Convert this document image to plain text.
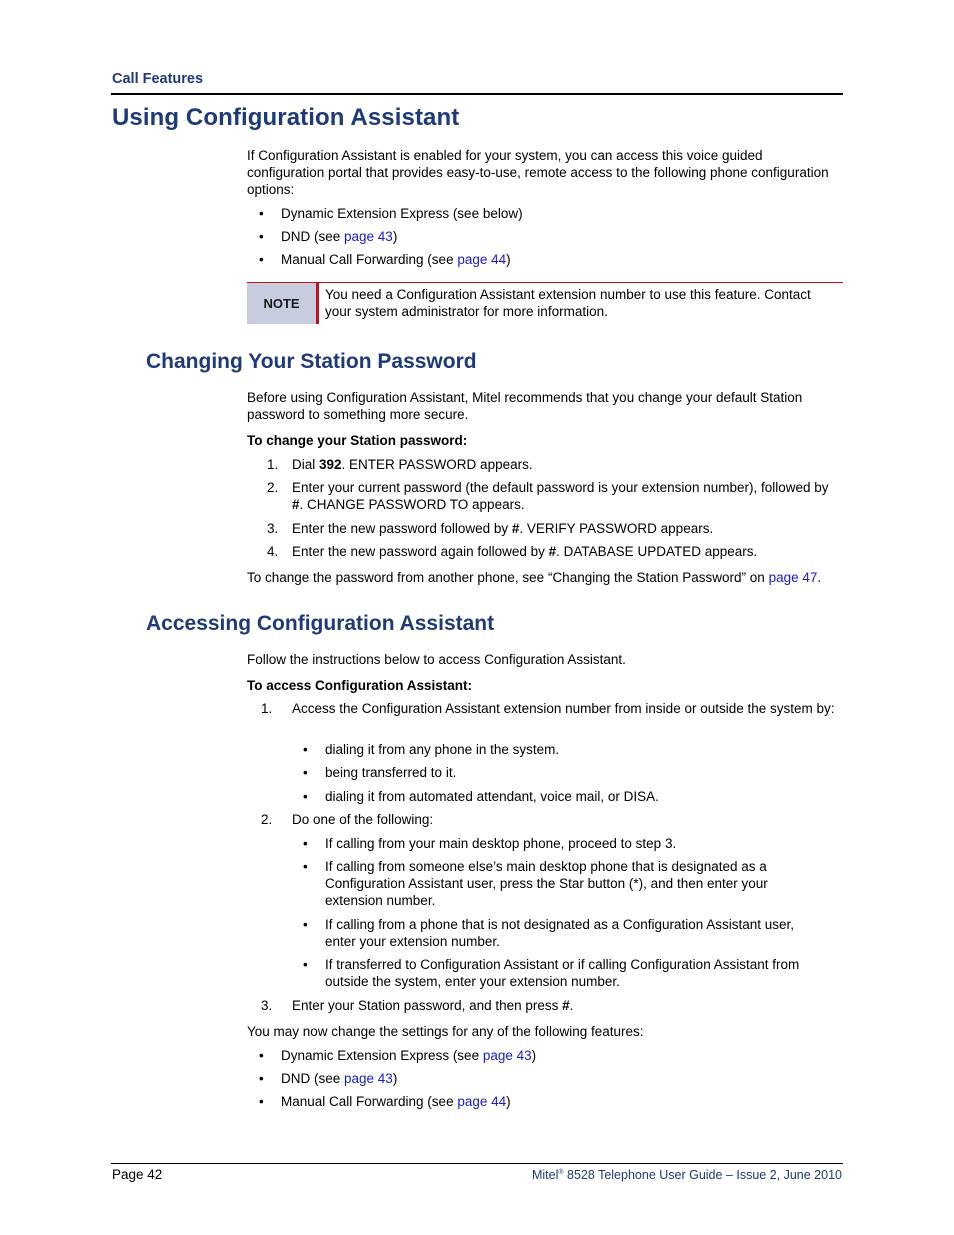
Call Features
Using Configuration Assistant
If Configuration Assistant is enabled for your system, you can access this voice guided configuration portal that provides easy-to-use, remote access to the following phone configuration options:
• Dynamic Extension Express (see below)
• DND (see page 43)
• Manual Call Forwarding (see page 44)
NOTE
You need a Configuration Assistant extension number to use this feature. Contact your system administrator for more information.
Changing Your Station Password
Before using Configuration Assistant, Mitel recommends that you change your default Station password to something more secure.
To change your Station password:
1. Dial 392. ENTER PASSWORD appears.
2. Enter your current password (the default password is your extension number), followed by #. CHANGE PASSWORD TO appears.
3. Enter the new password followed by #. VERIFY PASSWORD appears.
4. Enter the new password again followed by #. DATABASE UPDATED appears.
To change the password from another phone, see “Changing the Station Password” on page 47.
Accessing Configuration Assistant
Follow the instructions below to access Configuration Assistant.
To access Configuration Assistant:
1. Access the Configuration Assistant extension number from inside or outside the system by:
• dialing it from any phone in the system.
• being transferred to it.
• dialing it from automated attendant, voice mail, or DISA.
2. Do one of the following:
• If calling from your main desktop phone, proceed to step 3.
• If calling from someone else’s main desktop phone that is designated as a Configuration Assistant user, press the Star button (*), and then enter your extension number.
• If calling from a phone that is not designated as a Configuration Assistant user, enter your extension number.
• If transferred to Configuration Assistant or if calling Configuration Assistant from outside the system, enter your extension number.
3. Enter your Station password, and then press #.
You may now change the settings for any of the following features:
• Dynamic Extension Express (see page 43)
• DND (see page 43)
• Manual Call Forwarding (see page 44)
Page 42	Mitel® 8528 Telephone User Guide – Issue 2, June 2010
